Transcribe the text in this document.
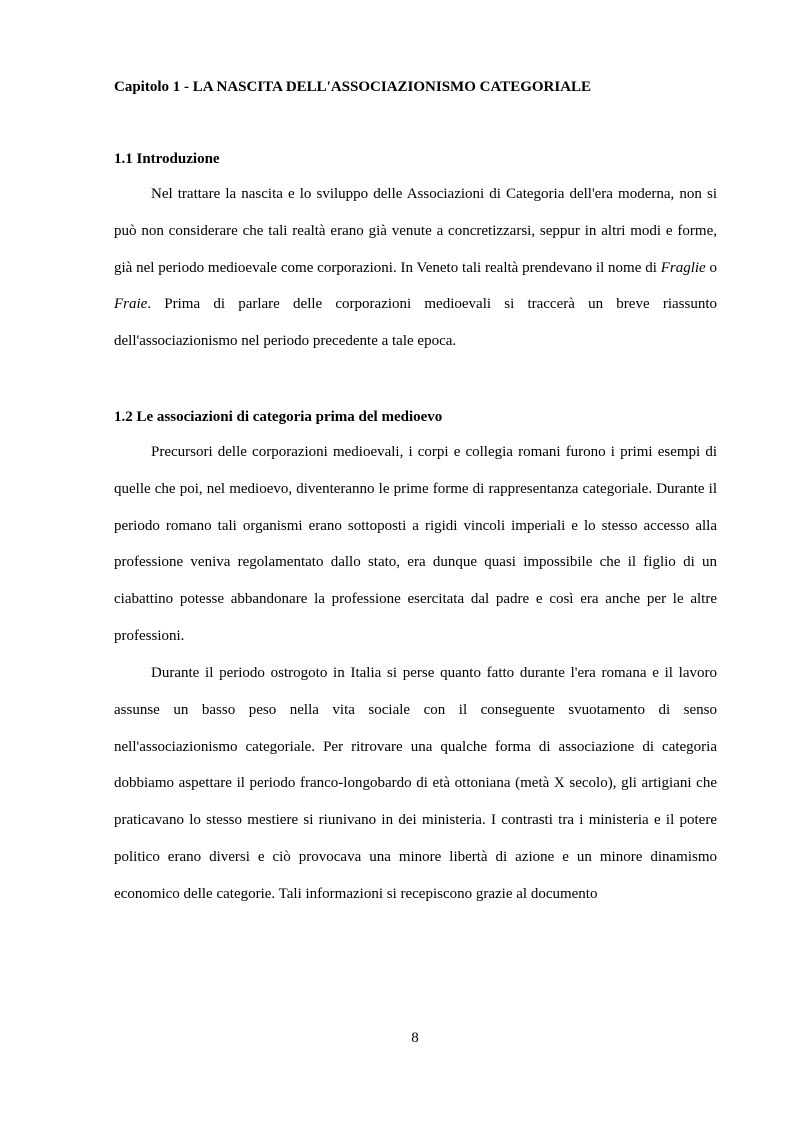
Capitolo 1 - LA NASCITA DELL'ASSOCIAZIONISMO CATEGORIALE
1.1 Introduzione

Nel trattare la nascita e lo sviluppo delle Associazioni di Categoria dell'era moderna, non si può non considerare che tali realtà erano già venute a concretizzarsi, seppur in altri modi e forme, già nel periodo medioevale come corporazioni. In Veneto tali realtà prendevano il nome di Fraglie o Fraie. Prima di parlare delle corporazioni medioevali si traccerà un breve riassunto dell'associazionismo nel periodo precedente a tale epoca.

1.2 Le associazioni di categoria prima del medioevo

Precursori delle corporazioni medioevali, i corpi e collegia romani furono i primi esempi di quelle che poi, nel medioevo, diventeranno le prime forme di rappresentanza categoriale. Durante il periodo romano tali organismi erano sottoposti a rigidi vincoli imperiali e lo stesso accesso alla professione veniva regolamentato dallo stato, era dunque quasi impossibile che il figlio di un ciabattino potesse abbandonare la professione esercitata dal padre e così era anche per le altre professioni.

Durante il periodo ostrogoto in Italia si perse quanto fatto durante l'era romana e il lavoro assunse un basso peso nella vita sociale con il conseguente svuotamento di senso nell'associazionismo categoriale. Per ritrovare una qualche forma di associazione di categoria dobbiamo aspettare il periodo franco-longobardo di età ottoniana (metà X secolo), gli artigiani che praticavano lo stesso mestiere si riunivano in dei ministeria. I contrasti tra i ministeria e il potere politico erano diversi e ciò provocava una minore libertà di azione e un minore dinamismo economico delle categorie. Tali informazioni si recepiscono grazie al documento

8
